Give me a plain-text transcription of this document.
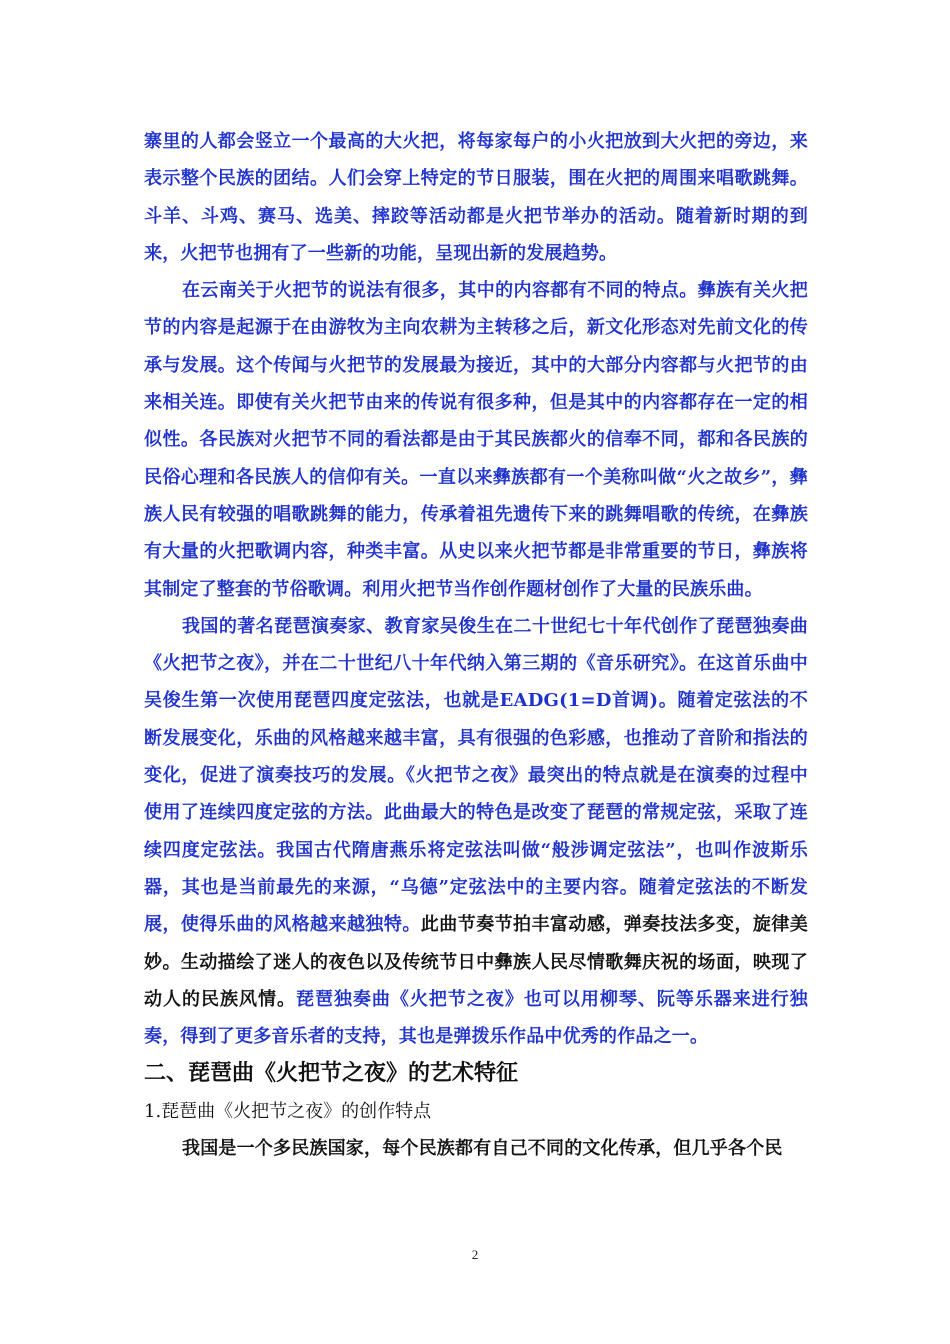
寨里的人都会竖立一个最高的大火把，将每家每户的小火把放到大火把的旁边，来表示整个民族的团结。人们会穿上特定的节日服装，围在火把的周围来唱歌跳舞。斗羊、斗鸡、赛马、选美、摔跤等活动都是火把节举办的活动。随着新时期的到来，火把节也拥有了一些新的功能，呈现出新的发展趋势。

在云南关于火把节的说法有很多，其中的内容都有不同的特点。彝族有关火把节的内容是起源于在由游牧为主向农耕为主转移之后，新文化形态对先前文化的传承与发展。这个传闻与火把节的发展最为接近，其中的大部分内容都与火把节的由来相关连。即使有关火把节由来的传说有很多种，但是其中的内容都存在一定的相似性。各民族对火把节不同的看法都是由于其民族都火的信奉不同，都和各民族的民俗心理和各民族人的信仰有关。一直以来彝族都有一个美称叫做“火之故乡”，彝族人民有较强的唱歌跳舞的能力，传承着祖先遗传下来的跳舞唱歌的传统，在彝族有大量的火把歌调内容，种类丰富。从史以来火把节都是非常重要的节日，彝族将其制定了整套的节俗歌调。利用火把节当作创作题材创作了大量的民族乐曲。

我国的著名琵琶演奏家、教育家吴俊生在二十世纪七十年代创作了琵琶独奏曲《火把节之夜》，并在二十世纪八十年代纳入第三期的《音乐研究》。在这首乐曲中吴俊生第一次使用琵琶四度定弦法，也就是EADG(1=D首调)。随着定弦法的不断发展变化，乐曲的风格越来越丰富，具有很强的色彩感，也推动了音阶和指法的变化，促进了演奏技巧的发展。《火把节之夜》最突出的特点就是在演奏的过程中使用了连续四度定弦的方法。此曲最大的特色是改变了琵琶的常规定弦，采取了连续四度定弦法。我国古代隋唐燕乐将定弦法叫做“般涉调定弦法”，也叫作波斯乐器，其也是当前最先的来源，“乌德”定弦法中的主要内容。随着定弦法的不断发展，使得乐曲的风格越来越独特。此曲节奏节拍丰富动感，弹奏技法多变，旋律美妙。生动描绘了迷人的夜色以及传统节日中彝族人民尽情歌舞庆祝的场面，映现了动人的民族风情。琵琶独奏曲《火把节之夜》也可以用柳琴、阮等乐器来进行独奏，得到了更多音乐者的支持，其也是弹拨乐作品中优秀的作品之一。

二、琵琶曲《火把节之夜》的艺术特征
1.琵琶曲《火把节之夜》的创作特点

我国是一个多民族国家，每个民族都有自己不同的文化传承，但几乎各个民

2
